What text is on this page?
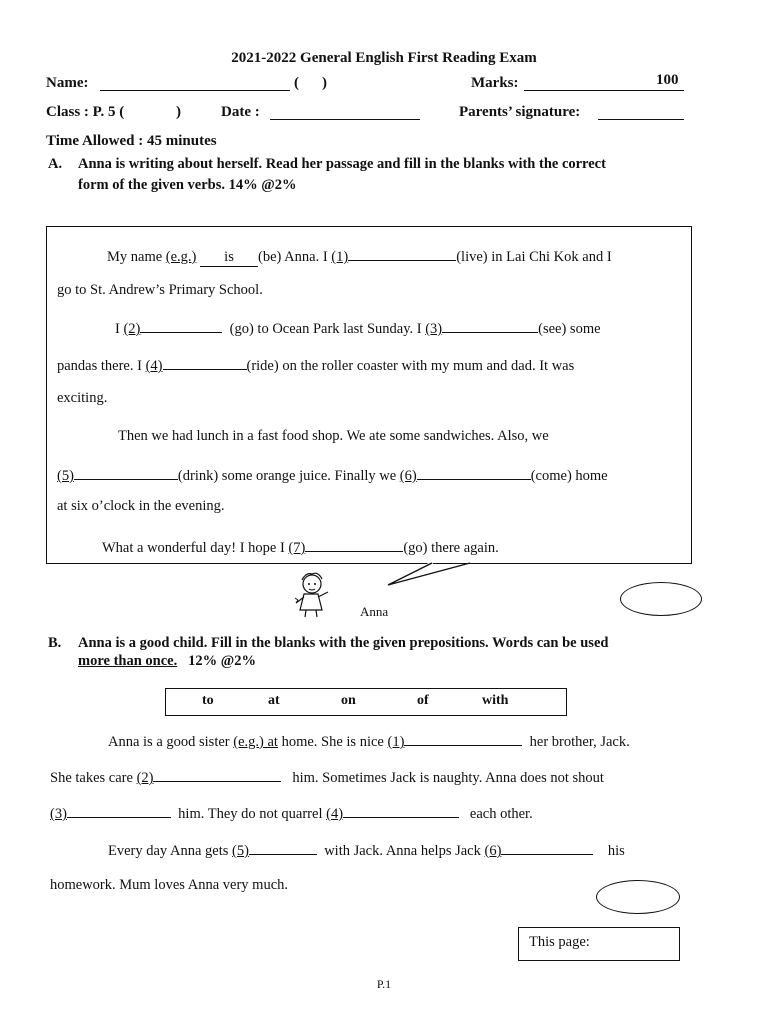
2021-2022 General English First Reading Exam
Name:	( )	Marks:	100
Class : P. 5 (	)	Date :	Parents’ signature:
Time Allowed : 45 minutes
A. Anna is writing about herself. Read her passage and fill in the blanks with the correct
form of the given verbs. 14% @2%
My name (e.g.) is (be) Anna. I (1)	(live) in Lai Chi Kok and I
go to St. Andrew’s Primary School.
I (2)	(go) to Ocean Park last Sunday. I (3)	(see) some
pandas there. I (4)	(ride) on the roller coaster with my mum and dad. It was
exciting.
Then we had lunch in a fast food shop. We ate some sandwiches. Also, we
(5)	(drink) some orange juice. Finally we (6)	(come) home
at six o’clock in the evening.
What a wonderful day! I hope I (7)	(go) there again.
Anna
B. Anna is a good child. Fill in the blanks with the given prepositions. Words can be used
more than once. 12% @2%
to	at	on	of	with
Anna is a good sister (e.g.) at home. She is nice (1)	her brother, Jack.
She takes care (2)	him. Sometimes Jack is naughty. Anna does not shout
(3)	him. They do not quarrel (4)	each other.
Every day Anna gets (5)	with Jack. Anna helps Jack (6)	his
homework. Mum loves Anna very much.
This page:
P.1
